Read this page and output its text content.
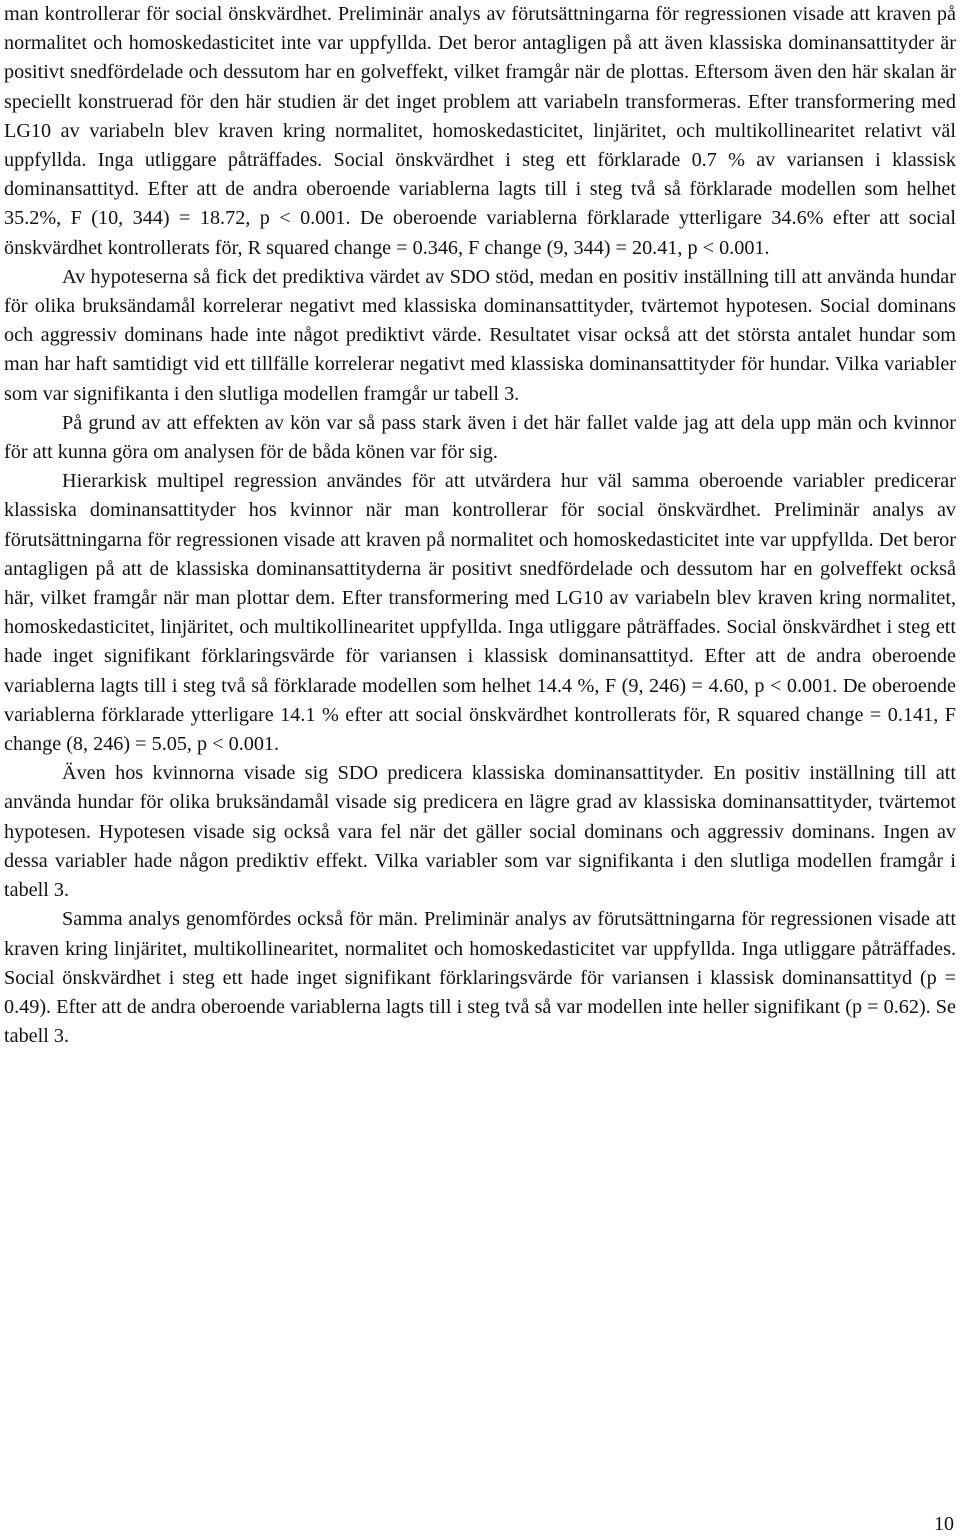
man kontrollerar för social önskvärdhet. Preliminär analys av förutsättningarna för regressionen visade att kraven på normalitet och homoskedasticitet inte var uppfyllda. Det beror antagligen på att även klassiska dominansattityder är positivt snedfördelade och dessutom har en golveffekt, vilket framgår när de plottas. Eftersom även den här skalan är speciellt konstruerad för den här studien är det inget problem att variabeln transformeras. Efter transformering med LG10 av variabeln blev kraven kring normalitet, homoskedasticitet, linjäritet, och multikollinearitet relativt väl uppfyllda. Inga utliggare påträffades. Social önskvärdhet i steg ett förklarade 0.7 % av variansen i klassisk dominansattityd. Efter att de andra oberoende variablerna lagts till i steg två så förklarade modellen som helhet 35.2%, F (10, 344) = 18.72, p < 0.001. De oberoende variablerna förklarade ytterligare 34.6% efter att social önskvärdhet kontrollerats för, R squared change = 0.346, F change (9, 344) = 20.41, p < 0.001.

Av hypoteserna så fick det prediktiva värdet av SDO stöd, medan en positiv inställning till att använda hundar för olika bruksändamål korrelerar negativt med klassiska dominansattityder, tvärtemot hypotesen. Social dominans och aggressiv dominans hade inte något prediktivt värde. Resultatet visar också att det största antalet hundar som man har haft samtidigt vid ett tillfälle korrelerar negativt med klassiska dominansattityder för hundar. Vilka variabler som var signifikanta i den slutliga modellen framgår ur tabell 3.

På grund av att effekten av kön var så pass stark även i det här fallet valde jag att dela upp män och kvinnor för att kunna göra om analysen för de båda könen var för sig.

Hierarkisk multipel regression användes för att utvärdera hur väl samma oberoende variabler predicerar klassiska dominansattityder hos kvinnor när man kontrollerar för social önskvärdhet. Preliminär analys av förutsättningarna för regressionen visade att kraven på normalitet och homoskedasticitet inte var uppfyllda. Det beror antagligen på att de klassiska dominansattityderna är positivt snedfördelade och dessutom har en golveffekt också här, vilket framgår när man plottar dem. Efter transformering med LG10 av variabeln blev kraven kring normalitet, homoskedasticitet, linjäritet, och multikollinearitet uppfyllda. Inga utliggare påträffades. Social önskvärdhet i steg ett hade inget signifikant förklaringsvärde för variansen i klassisk dominansattityd. Efter att de andra oberoende variablerna lagts till i steg två så förklarade modellen som helhet 14.4 %, F (9, 246) = 4.60, p < 0.001. De oberoende variablerna förklarade ytterligare 14.1 % efter att social önskvärdhet kontrollerats för, R squared change = 0.141, F change (8, 246) = 5.05, p < 0.001.

Även hos kvinnorna visade sig SDO predicera klassiska dominansattityder. En positiv inställning till att använda hundar för olika bruksändamål visade sig predicera en lägre grad av klassiska dominansattityder, tvärtemot hypotesen. Hypotesen visade sig också vara fel när det gäller social dominans och aggressiv dominans. Ingen av dessa variabler hade någon prediktiv effekt. Vilka variabler som var signifikanta i den slutliga modellen framgår i tabell 3.

Samma analys genomfördes också för män. Preliminär analys av förutsättningarna för regressionen visade att kraven kring linjäritet, multikollinearitet, normalitet och homoskedasticitet var uppfyllda. Inga utliggare påträffades. Social önskvärdhet i steg ett hade inget signifikant förklaringsvärde för variansen i klassisk dominansattityd (p = 0.49). Efter att de andra oberoende variablerna lagts till i steg två så var modellen inte heller signifikant (p = 0.62). Se tabell 3.

10
